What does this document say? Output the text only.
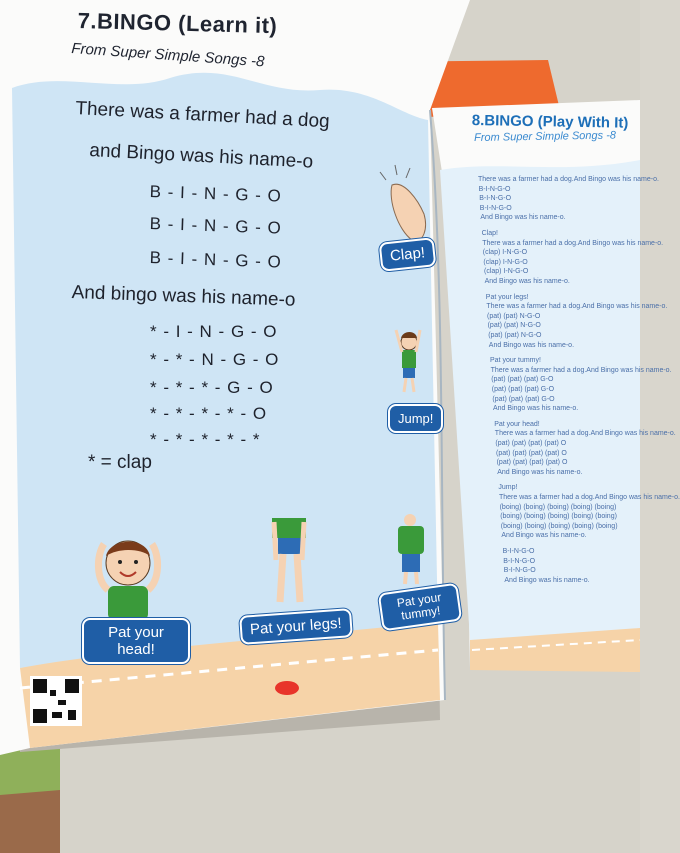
7.BINGO (Learn it)
From Super Simple Songs -8
There was a farmer had a dog
and Bingo was his name-o
B - I - N - G - O
B - I - N - G - O
B - I - N - G - O
And bingo was his name-o
* - I - N - G - O
* - * - N - G - O
* - * - * - G - O
* - * - * - * - O
* - * - * - * - *
* = clap
Clap!
Jump!
Pat your head!
Pat your legs!
Pat your tummy!
8.BINGO (Play With It)
From Super Simple Songs -8
There was a farmer had a dog.And Bingo was his name-o.
B-I-N-G-O
B-I-N-G-O
B-I-N-G-O
And Bingo was his name-o.
Clap!
There was a farmer had a dog.And Bingo was his name-o.
(clap) I-N-G-O
(clap) I-N-G-O
(clap) I-N-G-O
And Bingo was his name-o.
Pat your legs!
There was a farmer had a dog.And Bingo was his name-o.
(pat) (pat) N-G-O
(pat) (pat) N-G-O
(pat) (pat) N-G-O
And Bingo was his name-o.
Pat your tummy!
There was a farmer had a dog.And Bingo was his name-o.
(pat) (pat) (pat) G-O
(pat) (pat) (pat) G-O
(pat) (pat) (pat) G-O
And Bingo was his name-o.
Pat your head!
There was a farmer had a dog.And Bingo was his name-o.
(pat) (pat) (pat) (pat) O
(pat) (pat) (pat) (pat) O
(pat) (pat) (pat) (pat) O
And Bingo was his name-o.
Jump!
There was a farmer had a dog.And Bingo was his name-o.
(boing) (boing) (boing) (boing) (boing)
(boing) (boing) (boing) (boing) (boing)
(boing) (boing) (boing) (boing) (boing)
And Bingo was his name-o.
B-I-N-G-O
B-I-N-G-O
B-I-N-G-O
And Bingo was his name-o.
